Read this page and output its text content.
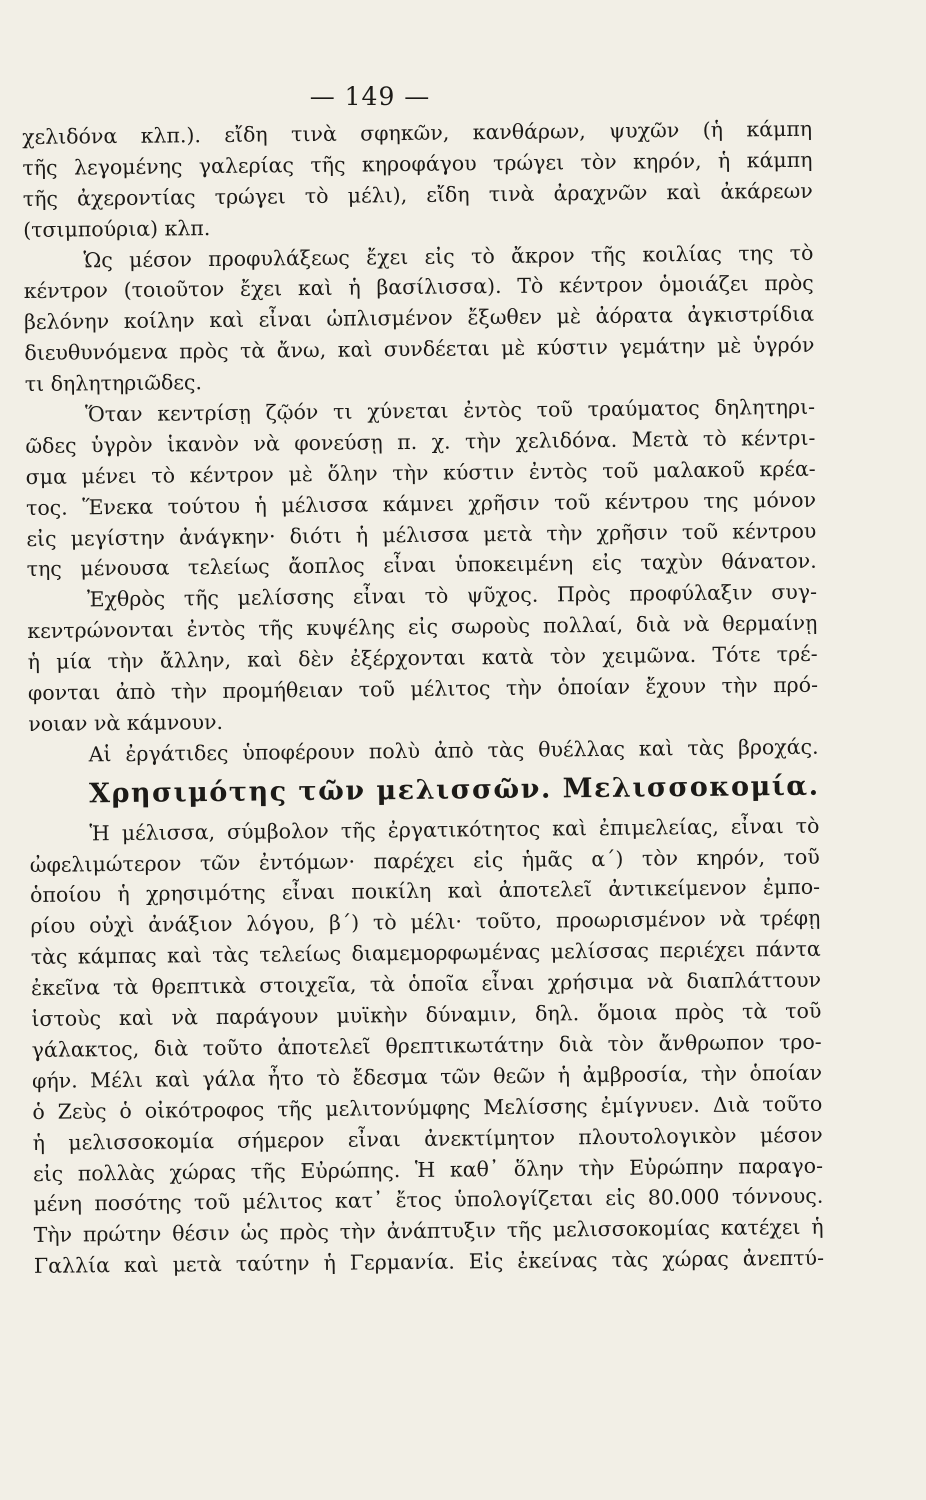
— 149 —
χελιδόνα κλπ.). εἴδη τινὰ σφηκῶν, κανθάρων, ψυχῶν (ἡ κάμπη
τῆς λεγομένης γαλερίας τῆς κηροφάγου τρώγει τὸν κηρόν, ἡ κάμπη
τῆς ἀχεροντίας τρώγει τὸ μέλι), εἴδη τινὰ ἀραχνῶν καὶ ἀκάρεων
(τσιμπούρια) κλπ.
Ὡς μέσον προφυλάξεως ἔχει εἰς τὸ ἄκρον τῆς κοιλίας της τὸ
κέντρον (τοιοῦτον ἔχει καὶ ἡ βασίλισσα). Τὸ κέντρον ὁμοιάζει πρὸς
βελόνην κοίλην καὶ εἶναι ὡπλισμένον ἔξωθεν μὲ ἀόρατα ἀγκιστρίδια
διευθυνόμενα πρὸς τὰ ἄνω, καὶ συνδέεται μὲ κύστιν γεμάτην μὲ ὑγρόν
τι δηλητηριῶδες.
Ὅταν κεντρίσῃ ζῷόν τι χύνεται ἐντὸς τοῦ τραύματος δηλητηρι-
ῶδες ὑγρὸν ἱκανὸν νὰ φονεύσῃ π. χ. τὴν χελιδόνα. Μετὰ τὸ κέντρι-
σμα μένει τὸ κέντρον μὲ ὅλην τὴν κύστιν ἐντὸς τοῦ μαλακοῦ κρέα-
τος. Ἕνεκα τούτου ἡ μέλισσα κάμνει χρῆσιν τοῦ κέντρου της μόνον
εἰς μεγίστην ἀνάγκην· διότι ἡ μέλισσα μετὰ τὴν χρῆσιν τοῦ κέντρου
της μένουσα τελείως ἄοπλος εἶναι ὑποκειμένη εἰς ταχὺν θάνατον.
Ἐχθρὸς τῆς μελίσσης εἶναι τὸ ψῦχος. Πρὸς προφύλαξιν συγ-
κεντρώνονται ἐντὸς τῆς κυψέλης εἰς σωροὺς πολλαί, διὰ νὰ θερμαίνῃ
ἡ μία τὴν ἄλλην, καὶ δὲν ἐξέρχονται κατὰ τὸν χειμῶνα. Τότε τρέ-
φονται ἀπὸ τὴν προμήθειαν τοῦ μέλιτος τὴν ὁποίαν ἔχουν τὴν πρό-
νοιαν νὰ κάμνουν.
Αἱ ἐργάτιδες ὑποφέρουν πολὺ ἀπὸ τὰς θυέλλας καὶ τὰς βροχάς.
Χρησιμότης τῶν μελισσῶν. Μελισσοκομία.
Ἡ μέλισσα, σύμβολον τῆς ἐργατικότητος καὶ ἐπιμελείας, εἶναι τὸ
ὠφελιμώτερον τῶν ἐντόμων· παρέχει εἰς ἡμᾶς α΄) τὸν κηρόν, τοῦ
ὁποίου ἡ χρησιμότης εἶναι ποικίλη καὶ ἀποτελεῖ ἀντικείμενον ἐμπο-
ρίου οὐχὶ ἀνάξιον λόγου, β΄) τὸ μέλι· τοῦτο, προωρισμένον νὰ τρέφῃ
τὰς κάμπας καὶ τὰς τελείως διαμεμορφωμένας μελίσσας περιέχει πάντα
ἐκεῖνα τὰ θρεπτικὰ στοιχεῖα, τὰ ὁποῖα εἶναι χρήσιμα νὰ διαπλάττουν
ἱστοὺς καὶ νὰ παράγουν μυϊκὴν δύναμιν, δηλ. ὅμοια πρὸς τὰ τοῦ
γάλακτος, διὰ τοῦτο ἀποτελεῖ θρεπτικωτάτην διὰ τὸν ἄνθρωπον τρο-
φήν. Μέλι καὶ γάλα ἦτο τὸ ἔδεσμα τῶν θεῶν ἡ ἀμβροσία, τὴν ὁποίαν
ὁ Ζεὺς ὁ οἰκότροφος τῆς μελιτονύμφης Μελίσσης ἐμίγνυεν. Διὰ τοῦτο
ἡ μελισσοκομία σήμερον εἶναι ἀνεκτίμητον πλουτολογικὸν μέσον
εἰς πολλὰς χώρας τῆς Εὐρώπης. Ἡ καθ᾽ ὅλην τὴν Εὐρώπην παραγο-
μένη ποσότης τοῦ μέλιτος κατ᾽ ἔτος ὑπολογίζεται εἰς 80.000 τόννους.
Τὴν πρώτην θέσιν ὡς πρὸς τὴν ἀνάπτυξιν τῆς μελισσοκομίας κατέχει ἡ
Γαλλία καὶ μετὰ ταύτην ἡ Γερμανία. Εἰς ἐκείνας τὰς χώρας ἀνεπτύ-
